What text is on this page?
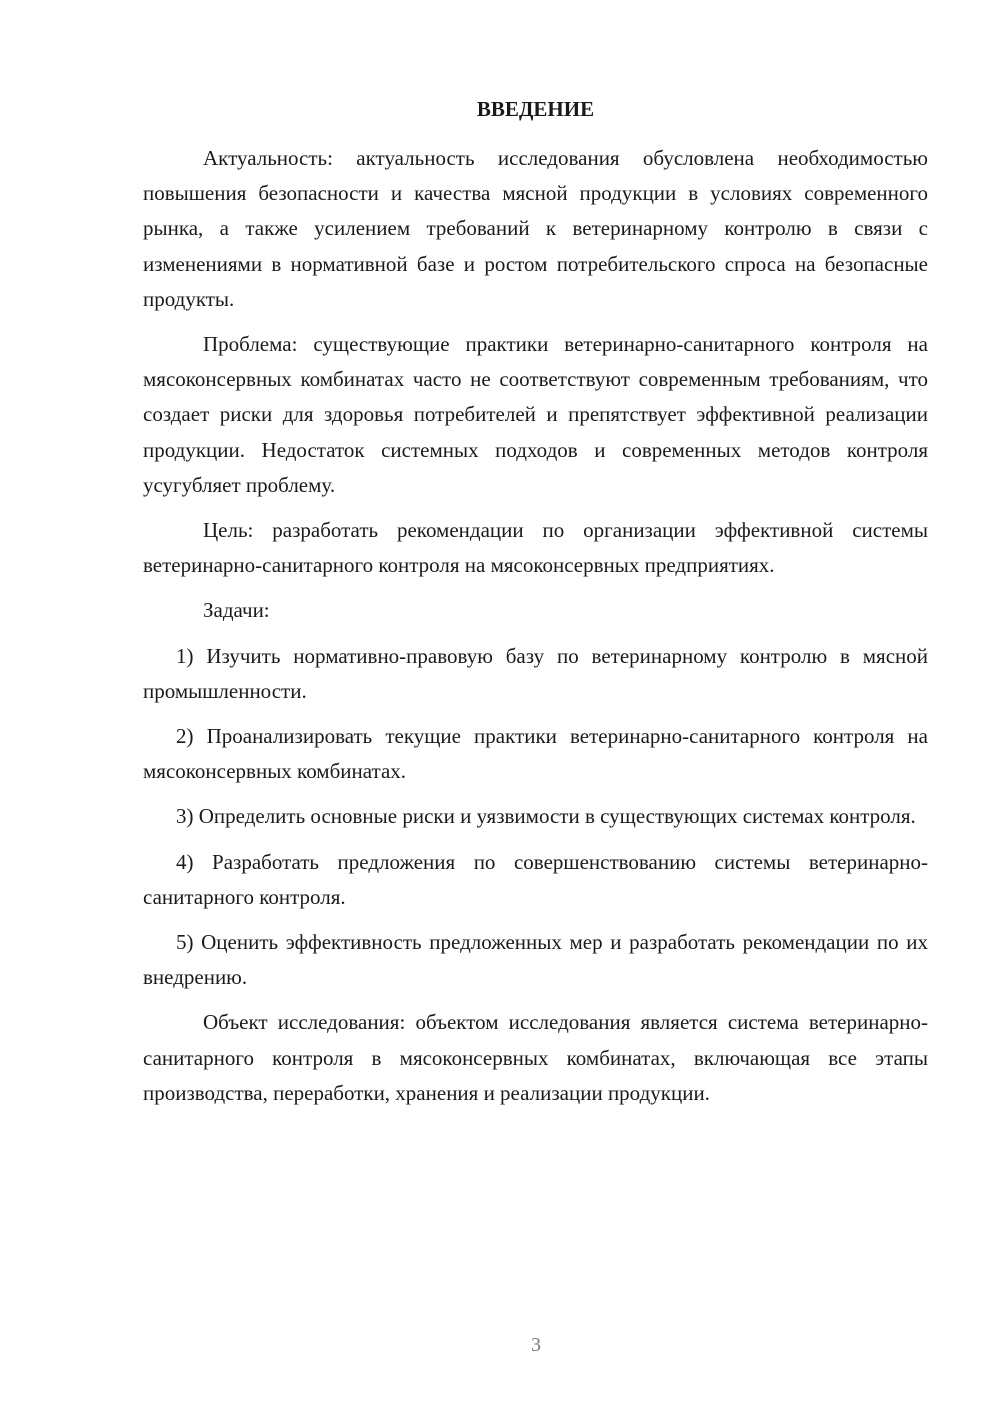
ВВЕДЕНИЕ

Актуальность: актуальность исследования обусловлена необходимостью повышения безопасности и качества мясной продукции в условиях современного рынка, а также усилением требований к ветеринарному контролю в связи с изменениями в нормативной базе и ростом потребительского спроса на безопасные продукты.

Проблема: существующие практики ветеринарно-санитарного контроля на мясоконсервных комбинатах часто не соответствуют современным требованиям, что создает риски для здоровья потребителей и препятствует эффективной реализации продукции. Недостаток системных подходов и современных методов контроля усугубляет проблему.

Цель: разработать рекомендации по организации эффективной системы ветеринарно-санитарного контроля на мясоконсервных предприятиях.

Задачи:

1) Изучить нормативно-правовую базу по ветеринарному контролю в мясной промышленности.

2) Проанализировать текущие практики ветеринарно-санитарного контроля на мясоконсервных комбинатах.

3) Определить основные риски и уязвимости в существующих системах контроля.

4) Разработать предложения по совершенствованию системы ветеринарно-санитарного контроля.

5) Оценить эффективность предложенных мер и разработать рекомендации по их внедрению.

Объект исследования: объектом исследования является система ветеринарно-санитарного контроля в мясоконсервных комбинатах, включающая все этапы производства, переработки, хранения и реализации продукции.

3
